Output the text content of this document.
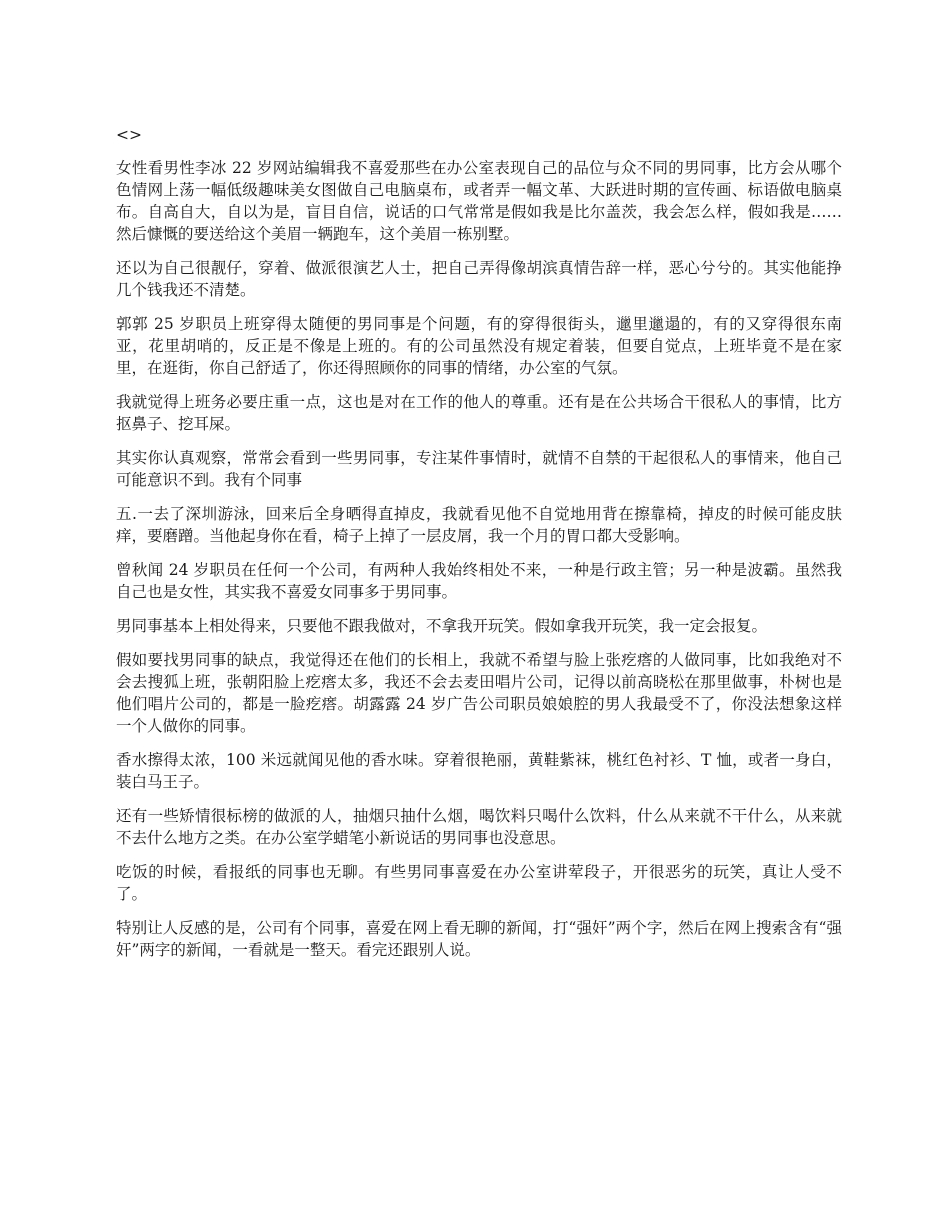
<>

女性看男性李冰 22 岁网站编辑我不喜爱那些在办公室表现自己的品位与众不同的男同事，比方会从哪个色情网上荡一幅低级趣味美女图做自己电脑桌布，或者弄一幅文革、大跃进时期的宣传画、标语做电脑桌布。自高自大，自以为是，盲目自信，说话的口气常常是假如我是比尔盖茨，我会怎么样，假如我是……然后慷慨的要送给这个美眉一辆跑车，这个美眉一栋别墅。

还以为自己很靓仔，穿着、做派很演艺人士，把自己弄得像胡滨真情告辞一样，恶心兮兮的。其实他能挣几个钱我还不清楚。

郭郭 25 岁职员上班穿得太随便的男同事是个问题，有的穿得很街头，邋里邋遢的，有的又穿得很东南亚，花里胡哨的，反正是不像是上班的。有的公司虽然没有规定着装，但要自觉点，上班毕竟不是在家里，在逛街，你自己舒适了，你还得照顾你的同事的情绪，办公室的气氛。

我就觉得上班务必要庄重一点，这也是对在工作的他人的尊重。还有是在公共场合干很私人的事情，比方抠鼻子、挖耳屎。

其实你认真观察，常常会看到一些男同事，专注某件事情时，就情不自禁的干起很私人的事情来，他自己可能意识不到。我有个同事

五.一去了深圳游泳，回来后全身晒得直掉皮，我就看见他不自觉地用背在擦靠椅，掉皮的时候可能皮肤痒，要磨蹭。当他起身你在看，椅子上掉了一层皮屑，我一个月的胃口都大受影响。

曾秋闻 24 岁职员在任何一个公司，有两种人我始终相处不来，一种是行政主管；另一种是波霸。虽然我自己也是女性，其实我不喜爱女同事多于男同事。

男同事基本上相处得来，只要他不跟我做对，不拿我开玩笑。假如拿我开玩笑，我一定会报复。

假如要找男同事的缺点，我觉得还在他们的长相上，我就不希望与脸上张疙瘩的人做同事，比如我绝对不会去搜狐上班，张朝阳脸上疙瘩太多，我还不会去麦田唱片公司，记得以前高晓松在那里做事，朴树也是他们唱片公司的，都是一脸疙瘩。胡露露 24 岁广告公司职员娘娘腔的男人我最受不了，你没法想象这样一个人做你的同事。

香水擦得太浓，100 米远就闻见他的香水味。穿着很艳丽，黄鞋紫袜，桃红色衬衫、T 恤，或者一身白，装白马王子。

还有一些矫情很标榜的做派的人，抽烟只抽什么烟，喝饮料只喝什么饮料，什么从来就不干什么，从来就不去什么地方之类。在办公室学蜡笔小新说话的男同事也没意思。

吃饭的时候，看报纸的同事也无聊。有些男同事喜爱在办公室讲荤段子，开很恶劣的玩笑，真让人受不了。

特别让人反感的是，公司有个同事，喜爱在网上看无聊的新闻，打“强奸”两个字，然后在网上搜索含有“强奸”两字的新闻，一看就是一整天。看完还跟别人说。
